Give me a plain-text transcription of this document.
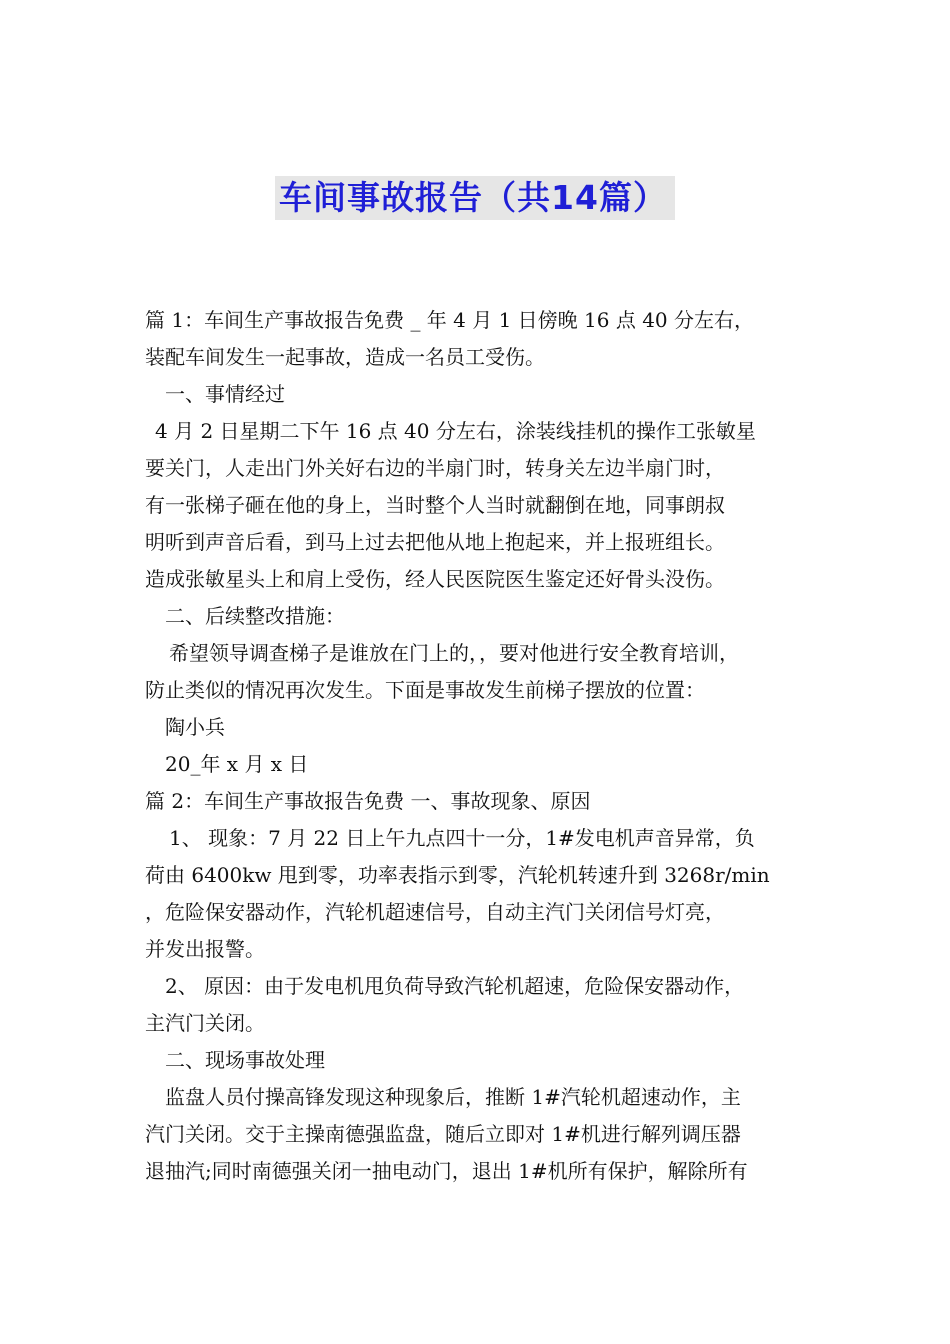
车间事故报告（共14篇）
篇 1：车间生产事故报告免费 _ 年 4 月 1 日傍晚 16 点 40 分左右，
装配车间发生一起事故，造成一名员工受伤。
一、事情经过
4 月 2 日星期二下午 16 点 40 分左右，涂装线挂机的操作工张敏星
要关门，人走出门外关好右边的半扇门时，转身关左边半扇门时，
有一张梯子砸在他的身上，当时整个人当时就翻倒在地，同事朗叔
明听到声音后看，到马上过去把他从地上抱起来，并上报班组长。
造成张敏星头上和肩上受伤，经人民医院医生鉴定还好骨头没伤。
二、后续整改措施：
希望领导调查梯子是谁放在门上的，，要对他进行安全教育培训，
防止类似的情况再次发生。下面是事故发生前梯子摆放的位置：
陶小兵
20_年 x 月 x 日
篇 2：车间生产事故报告免费 一、事故现象、原因
1、 现象：7 月 22 日上午九点四十一分，1#发电机声音异常，负
荷由 6400kw 甩到零，功率表指示到零，汽轮机转速升到 3268r/min
，危险保安器动作，汽轮机超速信号，自动主汽门关闭信号灯亮，
并发出报警。
2、 原因：由于发电机甩负荷导致汽轮机超速，危险保安器动作，
主汽门关闭。
二、现场事故处理
监盘人员付操高锋发现这种现象后，推断 1#汽轮机超速动作，主
汽门关闭。交于主操南德强监盘，随后立即对 1#机进行解列调压器
退抽汽;同时南德强关闭一抽电动门，退出 1#机所有保护，解除所有
